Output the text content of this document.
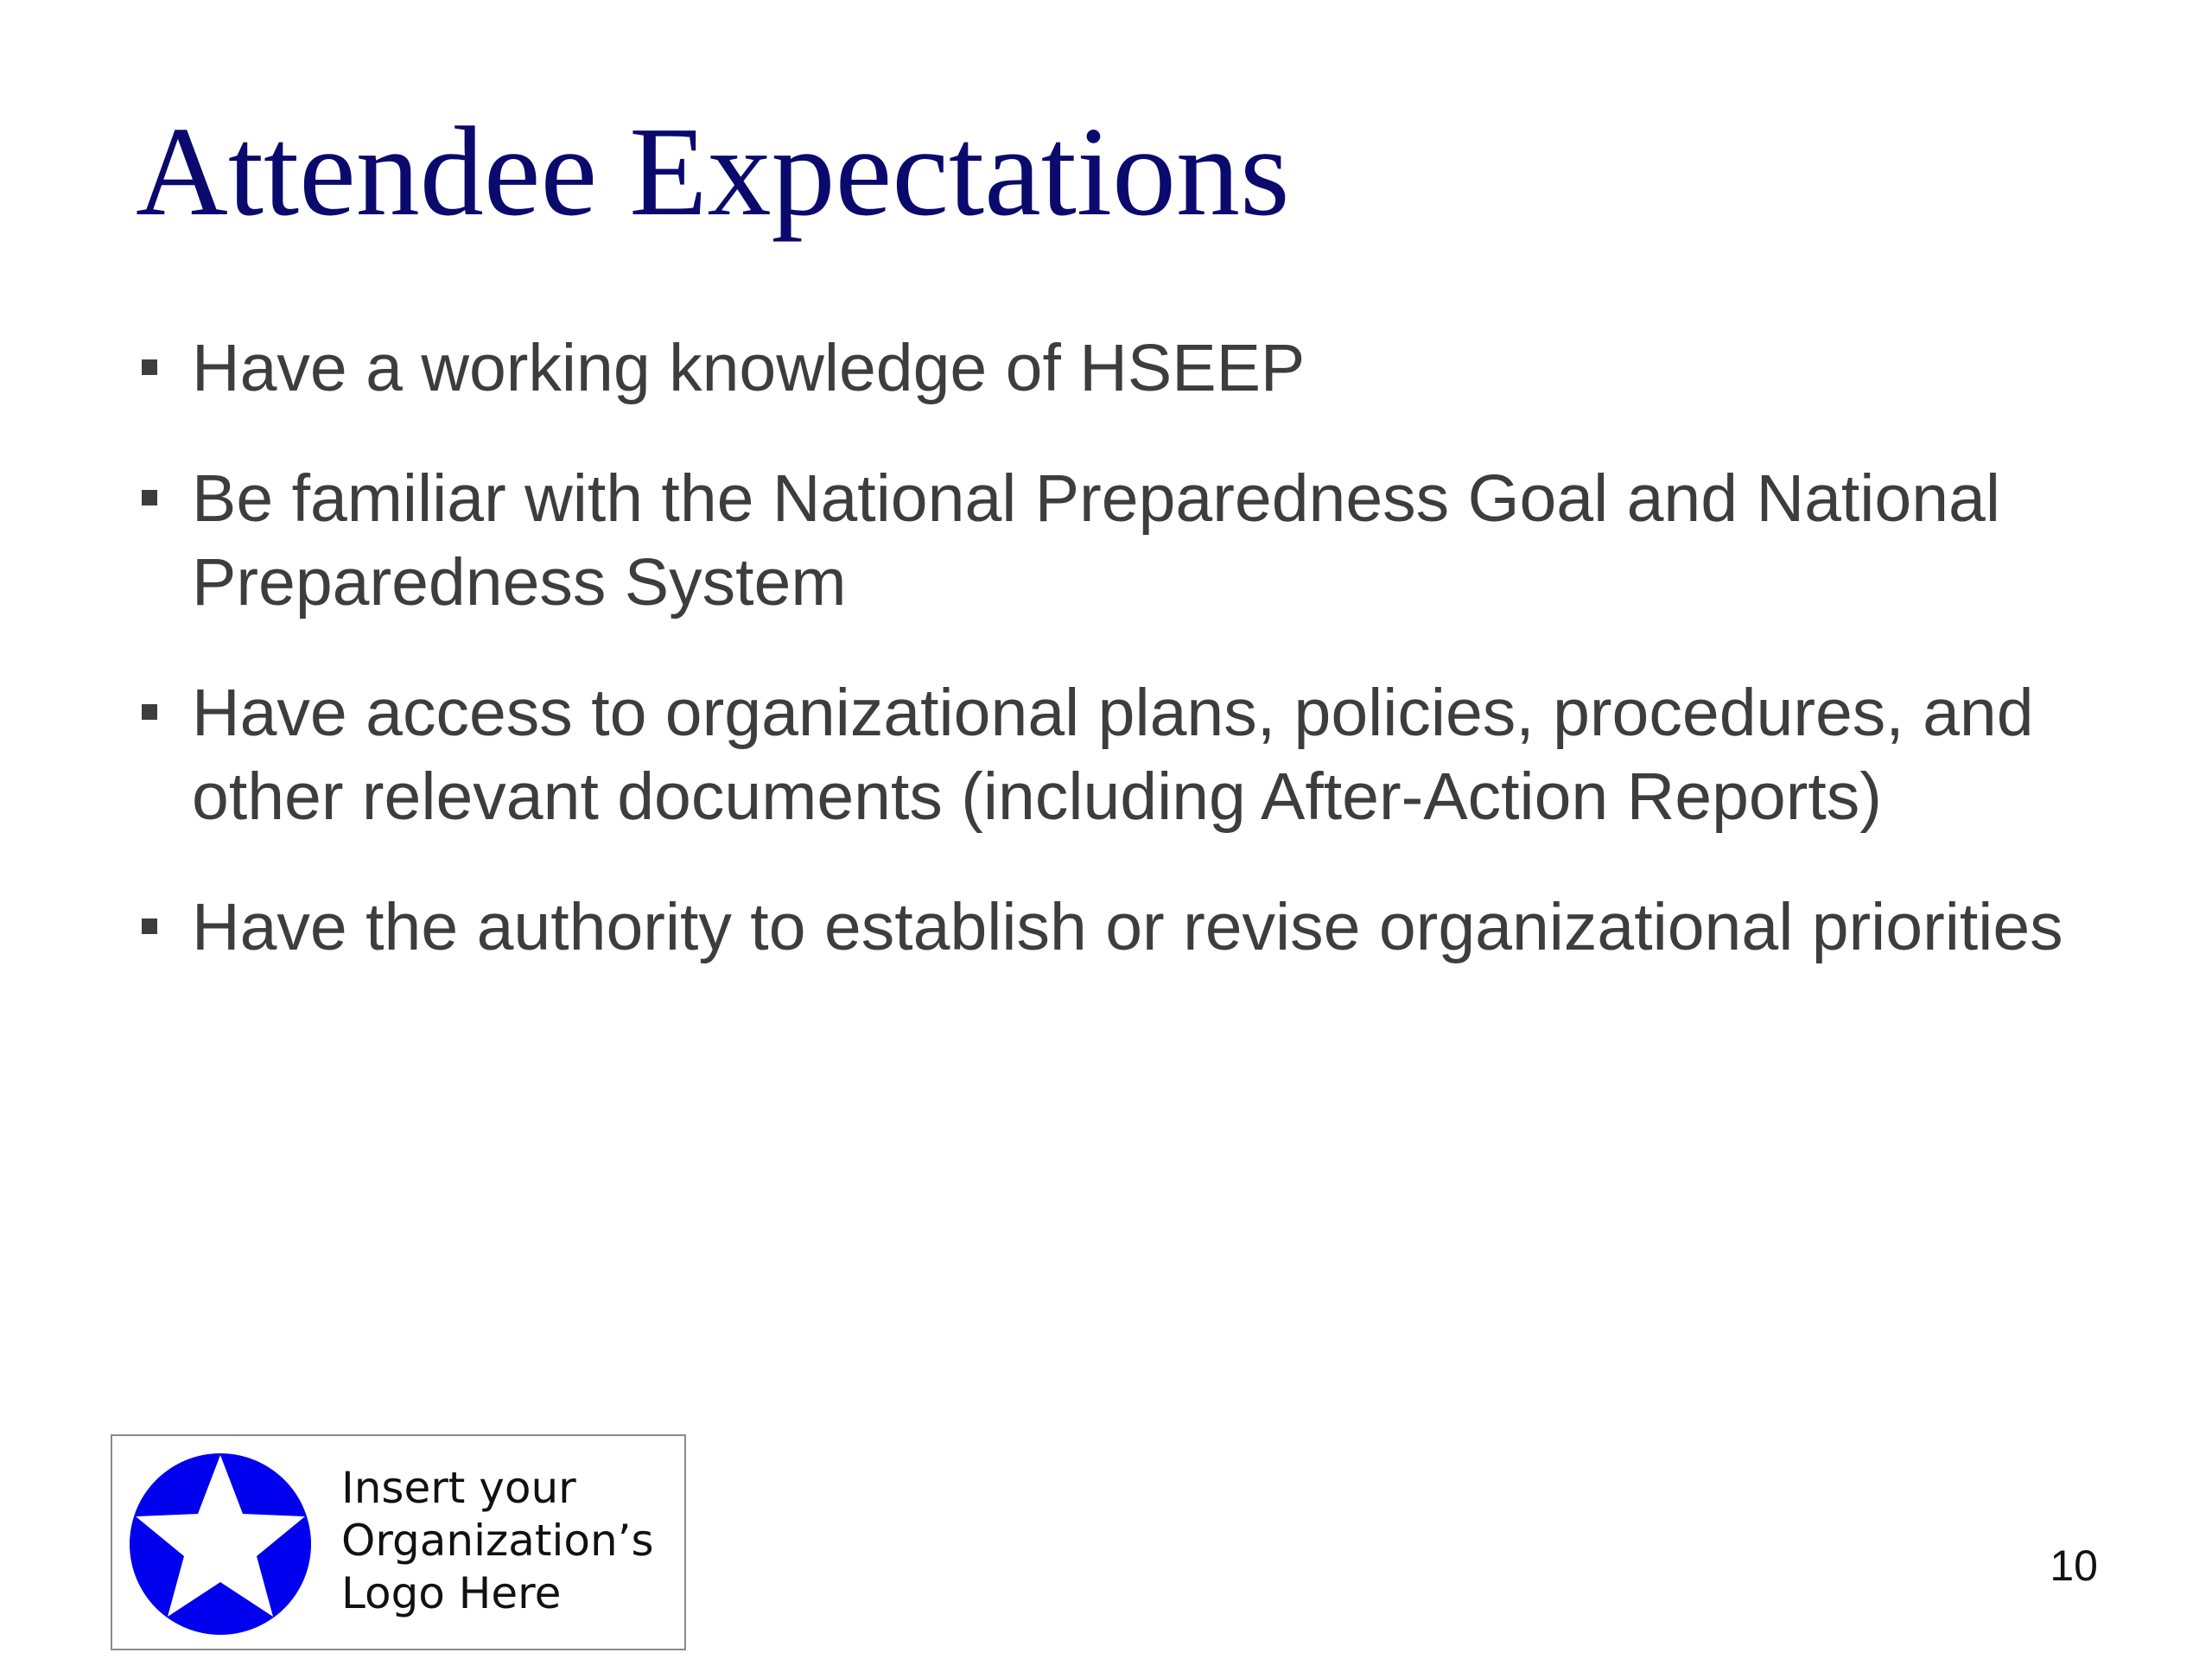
Attendee Expectations
Have a working knowledge of HSEEP
Be familiar with the National Preparedness Goal and National Preparedness System
Have access to organizational plans, policies, procedures, and other relevant documents (including After-Action Reports)
Have the authority to establish or revise organizational priorities
Insert your
Organization’s
Logo Here
10
